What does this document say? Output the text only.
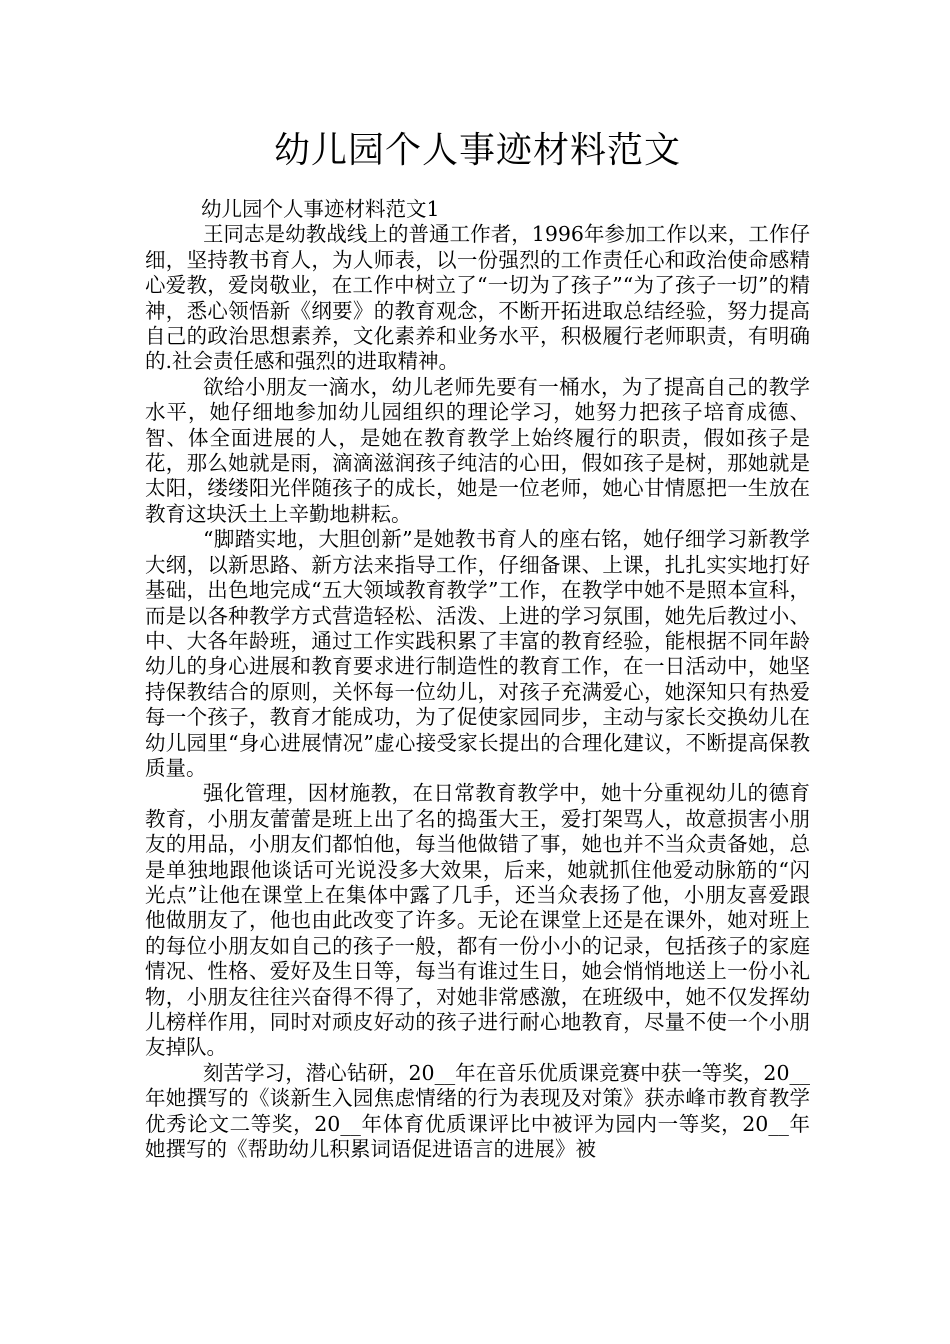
幼儿园个人事迹材料范文

幼儿园个人事迹材料范文1

王同志是幼教战线上的普通工作者，1996年参加工作以来，工作仔细，坚持教书育人，为人师表，以一份强烈的工作责任心和政治使命感精心爱教，爱岗敬业，在工作中树立了“一切为了孩子”“为了孩子一切”的精神，悉心领悟新《纲要》的教育观念，不断开拓进取总结经验，努力提高自己的政治思想素养，文化素养和业务水平，积极履行老师职责，有明确的.社会责任感和强烈的进取精神。

欲给小朋友一滴水，幼儿老师先要有一桶水，为了提高自己的教学水平，她仔细地参加幼儿园组织的理论学习，她努力把孩子培育成德、智、体全面进展的人，是她在教育教学上始终履行的职责，假如孩子是花，那么她就是雨，滴滴滋润孩子纯洁的心田，假如孩子是树，那她就是太阳，缕缕阳光伴随孩子的成长，她是一位老师，她心甘情愿把一生放在教育这块沃土上辛勤地耕耘。

“脚踏实地，大胆创新”是她教书育人的座右铭，她仔细学习新教学大纲，以新思路、新方法来指导工作，仔细备课、上课，扎扎实实地打好基础，出色地完成“五大领域教育教学”工作，在教学中她不是照本宣科，而是以各种教学方式营造轻松、活泼、上进的学习氛围，她先后教过小、中、大各年龄班，通过工作实践积累了丰富的教育经验，能根据不同年龄幼儿的身心进展和教育要求进行制造性的教育工作，在一日活动中，她坚持保教结合的原则，关怀每一位幼儿，对孩子充满爱心，她深知只有热爱每一个孩子，教育才能成功，为了促使家园同步，主动与家长交换幼儿在幼儿园里“身心进展情况”虚心接受家长提出的合理化建议，不断提高保教质量。

强化管理，因材施教，在日常教育教学中，她十分重视幼儿的德育教育，小朋友蕾蕾是班上出了名的捣蛋大王，爱打架骂人，故意损害小朋友的用品，小朋友们都怕他，每当他做错了事，她也并不当众责备她，总是单独地跟他谈话可光说没多大效果，后来，她就抓住他爱动脉筋的“闪光点”让他在课堂上在集体中露了几手，还当众表扬了他，小朋友喜爱跟他做朋友了，他也由此改变了许多。无论在课堂上还是在课外，她对班上的每位小朋友如自己的孩子一般，都有一份小小的记录，包括孩子的家庭情况、性格、爱好及生日等，每当有谁过生日，她会悄悄地送上一份小礼物，小朋友往往兴奋得不得了，对她非常感激，在班级中，她不仅发挥幼儿榜样作用，同时对顽皮好动的孩子进行耐心地教育，尽量不使一个小朋友掉队。

刻苦学习，潜心钻研，20__年在音乐优质课竞赛中获一等奖，20__年她撰写的《谈新生入园焦虑情绪的行为表现及对策》获赤峰市教育教学优秀论文二等奖，20__年体育优质课评比中被评为园内一等奖，20__年她撰写的《帮助幼儿积累词语促进语言的进展》被
